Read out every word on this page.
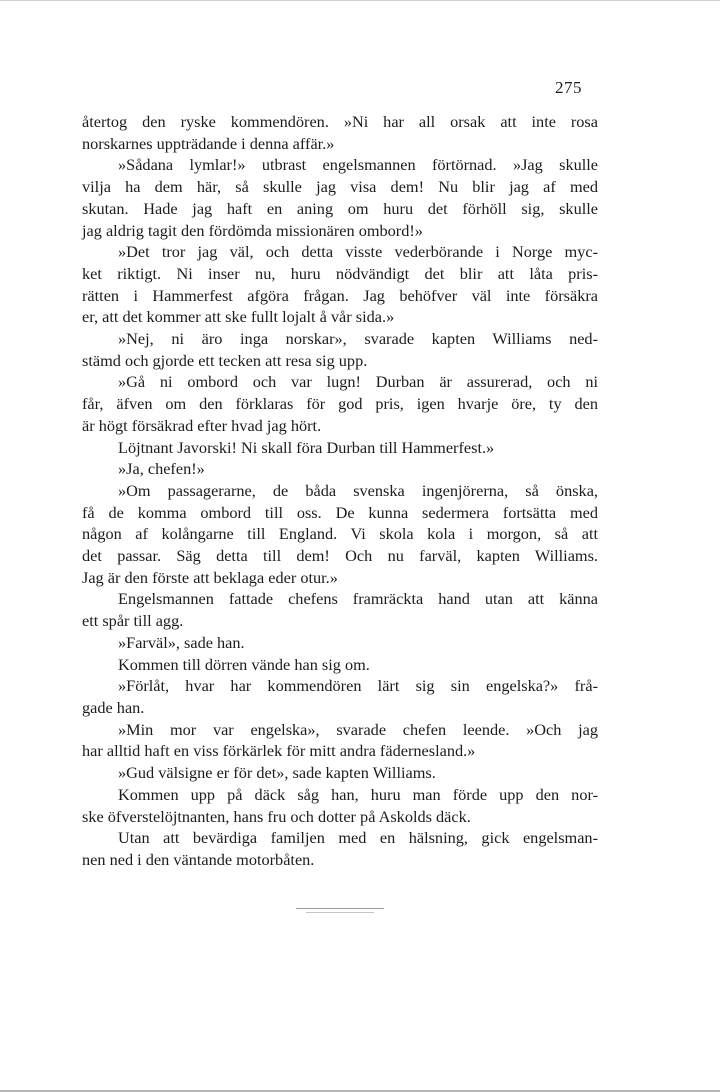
275
återtog den ryske kommendören. »Ni har all orsak att inte rosa
norskarnes uppträdande i denna affär.»
»Sådana lymlar!» utbrast engelsmannen förtörnad. »Jag skulle
vilja ha dem här, så skulle jag visa dem! Nu blir jag af med
skutan. Hade jag haft en aning om huru det förhöll sig, skulle
jag aldrig tagit den fördömda missionären ombord!»
»Det tror jag väl, och detta visste vederbörande i Norge myc-
ket riktigt. Ni inser nu, huru nödvändigt det blir att låta pris-
rätten i Hammerfest afgöra frågan. Jag behöfver väl inte försäkra
er, att det kommer att ske fullt lojalt å vår sida.»
»Nej, ni äro inga norskar», svarade kapten Williams ned-
stämd och gjorde ett tecken att resa sig upp.
»Gå ni ombord och var lugn! Durban är assurerad, och ni
får, äfven om den förklaras för god pris, igen hvarje öre, ty den
är högt försäkrad efter hvad jag hört.
Löjtnant Javorski! Ni skall föra Durban till Hammerfest.»
»Ja, chefen!»
»Om passagerarne, de båda svenska ingenjörerna, så önska,
få de komma ombord till oss. De kunna sedermera fortsätta med
någon af kolångarne till England. Vi skola kola i morgon, så att
det passar. Säg detta till dem! Och nu farväl, kapten Williams.
Jag är den förste att beklaga eder otur.»
Engelsmannen fattade chefens framräckta hand utan att känna
ett spår till agg.
»Farväl», sade han.
Kommen till dörren vände han sig om.
»Förlåt, hvar har kommendören lärt sig sin engelska?» frå-
gade han.
»Min mor var engelska», svarade chefen leende. »Och jag
har alltid haft en viss förkärlek för mitt andra fädernesland.»
»Gud välsigne er för det», sade kapten Williams.
Kommen upp på däck såg han, huru man förde upp den nor-
ske öfverstelöjtnanten, hans fru och dotter på Askolds däck.
Utan att bevärdiga familjen med en hälsning, gick engelsman-
nen ned i den väntande motorbåten.
